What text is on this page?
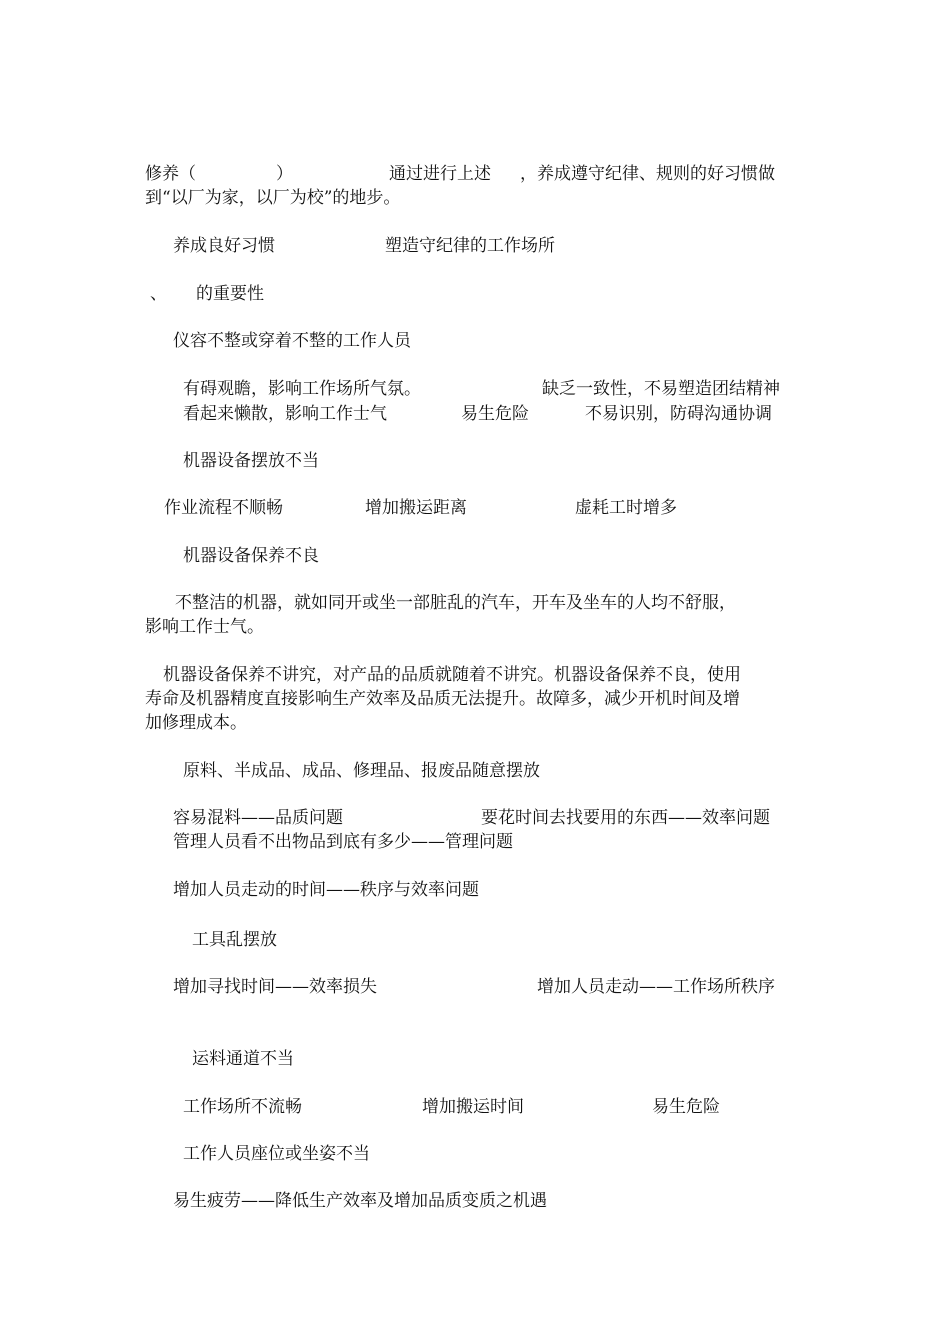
修养（	）	通过进行上述 ，养成遵守纪律、规则的好习惯做
到“以厂为家，以厂为校”的地步。
养成良好习惯	塑造守纪律的工作场所
、 的重要性
仪容不整或穿着不整的工作人员
有碍观瞻，影响工作场所气氛。	缺乏一致性，不易塑造团结精神
看起来懒散，影响工作士气	易生危险	不易识别，防碍沟通协调
机器设备摆放不当
作业流程不顺畅	增加搬运距离	虚耗工时增多
机器设备保养不良
不整洁的机器，就如同开或坐一部脏乱的汽车，开车及坐车的人均不舒服，
影响工作士气。
机器设备保养不讲究，对产品的品质就随着不讲究。机器设备保养不良，使用
寿命及机器精度直接影响生产效率及品质无法提升。故障多，减少开机时间及增
加修理成本。
原料、半成品、成品、修理品、报废品随意摆放
容易混料——品质问题	要花时间去找要用的东西——效率问题
管理人员看不出物品到底有多少——管理问题
增加人员走动的时间——秩序与效率问题
工具乱摆放
增加寻找时间——效率损失	增加人员走动——工作场所秩序
运料通道不当
工作场所不流畅	增加搬运时间	易生危险
工作人员座位或坐姿不当
易生疲劳——降低生产效率及增加品质变质之机遇
